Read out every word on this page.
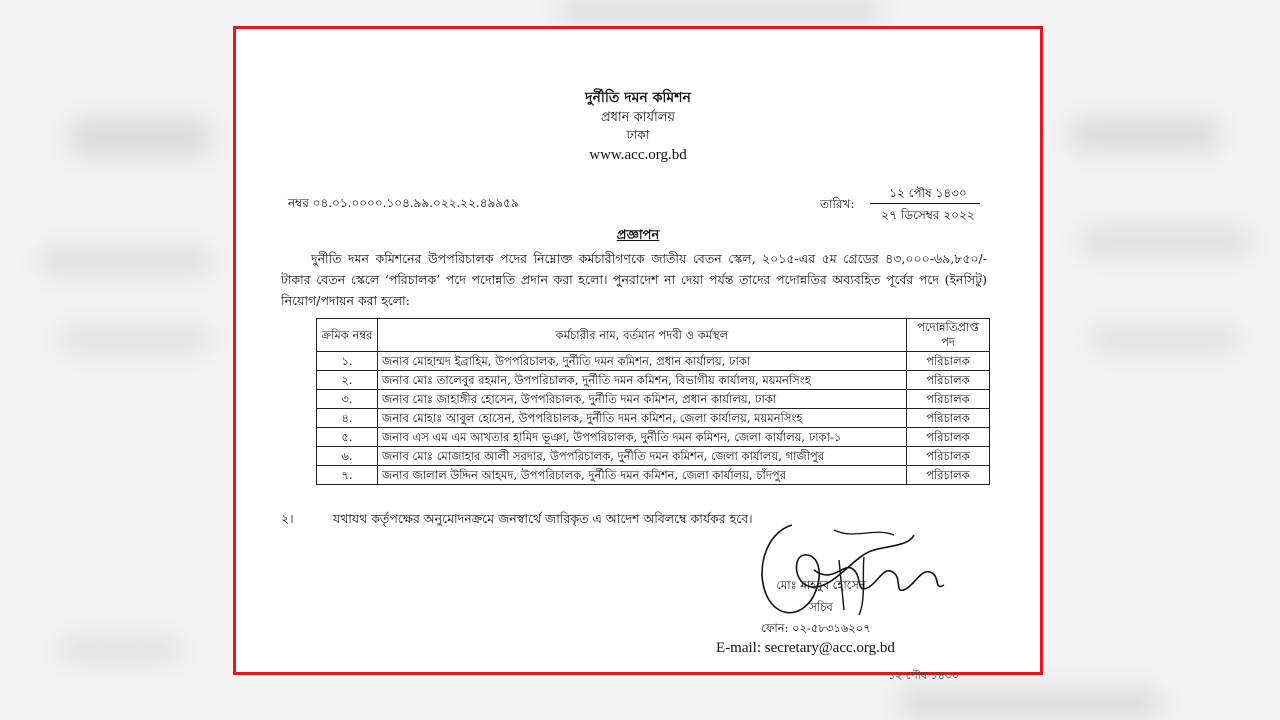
দুর্নীতি দমন কমিশন
প্রধান কার্যালয়
ঢাকা
www.acc.org.bd
নম্বর ০৪.০১.০০০০.১০৪.৯৯.০২২.২২.৪৯৯৫৯	তারিখ:
১২ পৌষ ১৪৩০
২৭ ডিসেম্বর ২০২২
প্রজ্ঞাপন
দুর্নীতি দমন কমিশনের উপপরিচালক পদের নিম্নোক্ত কর্মচারীগণকে জাতীয় বেতন স্কেল, ২০১৫-এর ৫ম গ্রেডের ৪৩,০০০-৬৯,৮৫০/- টাকার বেতন স্কেলে ‘পরিচালক’ পদে পদোন্নতি প্রদান করা হলো। পুনরাদেশ না দেয়া পর্যন্ত তাদের পদোন্নতির অব্যবহিত পূর্বের পদে (ইনসিটু) নিয়োগ/পদায়ন করা হলো:
ক্রমিক নম্বর	কর্মচারীর নাম, বর্তমান পদবী ও কর্মস্থল	পদোন্নতিপ্রাপ্ত পদ
১.	জনাব মোহাম্মদ ইব্রাহিম, উপপরিচালক, দুর্নীতি দমন কমিশন, প্রধান কার্যালয়, ঢাকা	পরিচালক
২.	জনাব মোঃ তালেবুর রহমান, উপপরিচালক, দুর্নীতি দমন কমিশন, বিভাগীয় কার্যালয়, ময়মনসিংহ	পরিচালক
৩.	জনাব মোঃ জাহাঙ্গীর হোসেন, উপপরিচালক, দুর্নীতি দমন কমিশন, প্রধান কার্যালয়, ঢাকা	পরিচালক
৪.	জনাব মোহাঃ আবুল হোসেন, উপপরিচালক, দুর্নীতি দমন কমিশন, জেলা কার্যালয়, ময়মনসিংহ	পরিচালক
৫.	জনাব এস এম এম আখতার হামিদ ভূঞা, উপপরিচালক, দুর্নীতি দমন কমিশন, জেলা কার্যালয়, ঢাকা-১	পরিচালক
৬.	জনাব মোঃ মোজাহার আলী সরদার, উপপরিচালক, দুর্নীতি দমন কমিশন, জেলা কার্যালয়, গাজীপুর	পরিচালক
৭.	জনাব জালাল উদ্দিন আহমদ, উপপরিচালক, দুর্নীতি দমন কমিশন, জেলা কার্যালয়, চাঁদপুর	পরিচালক
২।	যথাযথ কর্তৃপক্ষের অনুমোদনক্রমে জনস্বার্থে জারিকৃত এ আদেশ অবিলম্বে কার্যকর হবে।
মোঃ মাহবুব হোসেন
সচিব
ফোন: ০২-৫৮৩১৬২০৭
E-mail: secretary@acc.org.bd
১২ পৌষ ১৪৩০
